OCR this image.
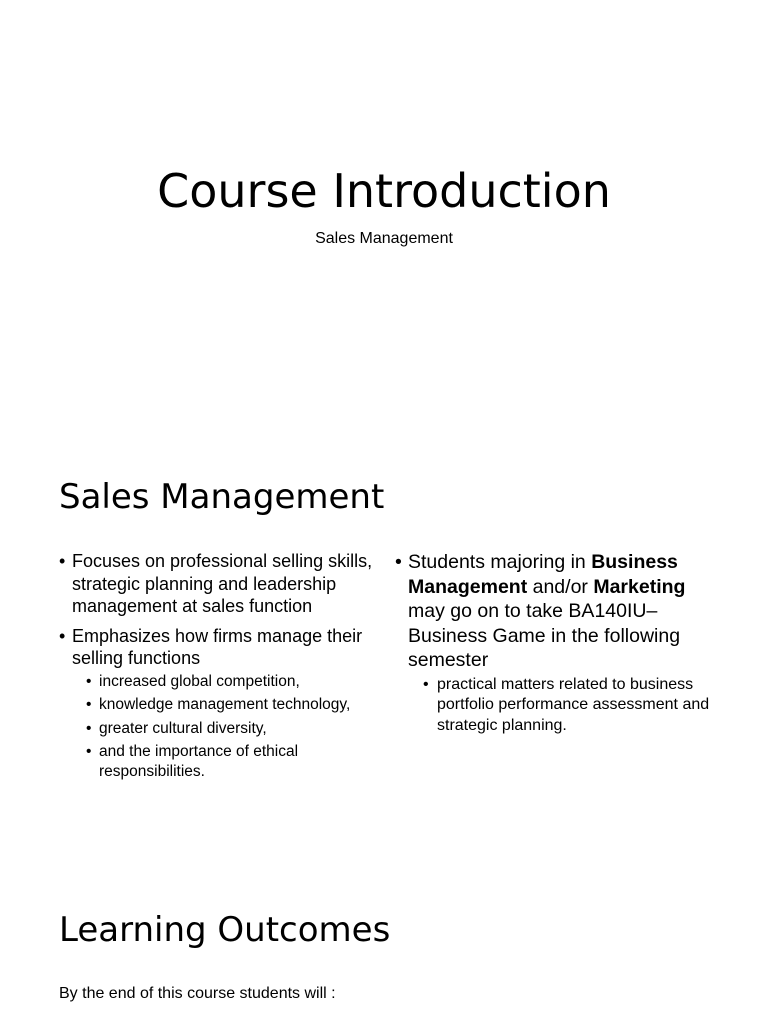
Course Introduction
Sales Management
Sales Management
• Focuses on professional selling skills, strategic planning and leadership management at sales function
• Emphasizes how firms manage their selling functions
• increased global competition,
• knowledge management technology,
• greater cultural diversity,
• and the importance of ethical responsibilities.
• Students majoring in Business Management and/or Marketing may go on to take BA140IU–Business Game in the following semester
• practical matters related to business portfolio performance assessment and strategic planning.
Learning Outcomes
By the end of this course students will :
